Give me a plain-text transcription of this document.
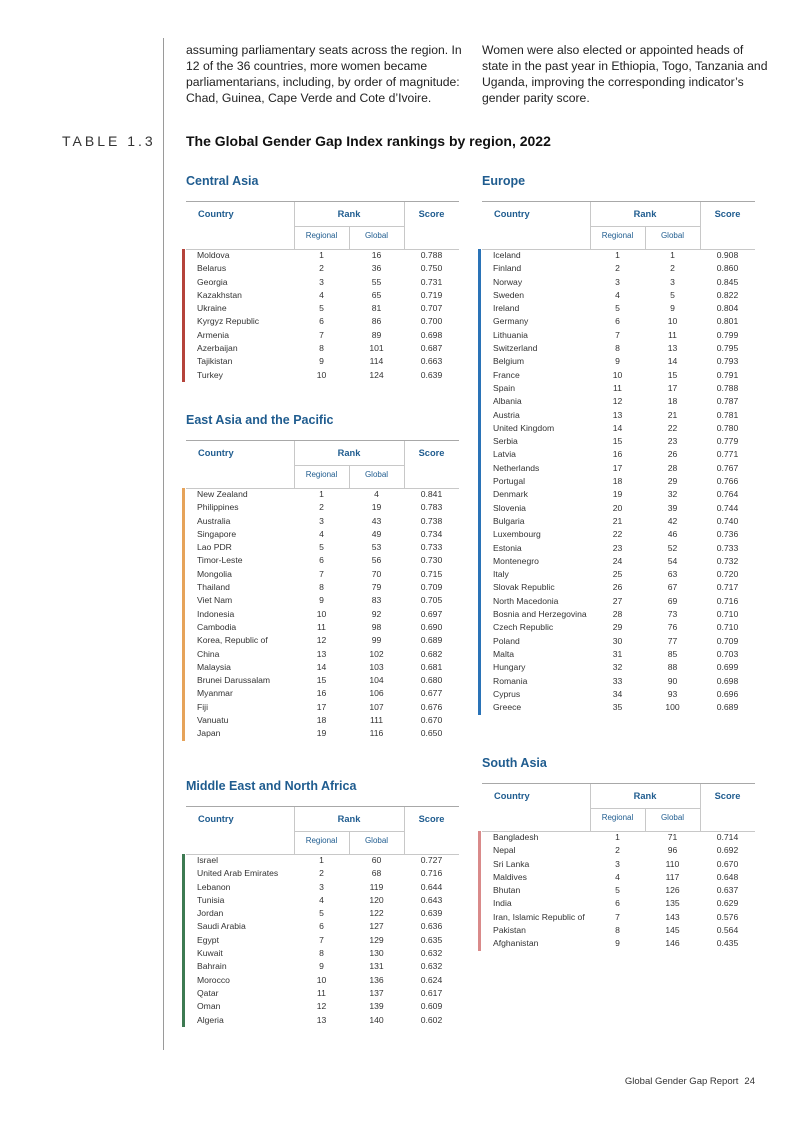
assuming parliamentary seats across the region. In 12 of the 36 countries, more women became parliamentarians, including, by order of magnitude: Chad, Guinea, Cape Verde and Cote d’Ivoire.

Women were also elected or appointed heads of state in the past year in Ethiopia, Togo, Tanzania and Uganda, improving the corresponding indicator’s gender parity score.

TABLE 1.3 The Global Gender Gap Index rankings by region, 2022
Central Asia
Country	Rank	Score
Regional	Global
Moldova	1	16	0.788
Belarus	2	36	0.750
Georgia	3	55	0.731
Kazakhstan	4	65	0.719
Ukraine	5	81	0.707
Kyrgyz Republic	6	86	0.700
Armenia	7	89	0.698
Azerbaijan	8	101	0.687
Tajikistan	9	114	0.663
Turkey	10	124	0.639
Europe
Country	Rank	Score
Regional	Global
Iceland	1	1	0.908
Finland	2	2	0.860
Norway	3	3	0.845
Sweden	4	5	0.822
Ireland	5	9	0.804
Germany	6	10	0.801
Lithuania	7	11	0.799
Switzerland	8	13	0.795
Belgium	9	14	0.793
France	10	15	0.791
Spain	11	17	0.788
Albania	12	18	0.787
Austria	13	21	0.781
United Kingdom	14	22	0.780
Serbia	15	23	0.779
Latvia	16	26	0.771
Netherlands	17	28	0.767
Portugal	18	29	0.766
Denmark	19	32	0.764
Slovenia	20	39	0.744
Bulgaria	21	42	0.740
Luxembourg	22	46	0.736
Estonia	23	52	0.733
Montenegro	24	54	0.732
Italy	25	63	0.720
Slovak Republic	26	67	0.717
North Macedonia	27	69	0.716
Bosnia and Herzegovina	28	73	0.710
Czech Republic	29	76	0.710
Poland	30	77	0.709
Malta	31	85	0.703
Hungary	32	88	0.699
Romania	33	90	0.698
Cyprus	34	93	0.696
Greece	35	100	0.689
East Asia and the Pacific
Country	Rank	Score
Regional	Global
New Zealand	1	4	0.841
Philippines	2	19	0.783
Australia	3	43	0.738
Singapore	4	49	0.734
Lao PDR	5	53	0.733
Timor-Leste	6	56	0.730
Mongolia	7	70	0.715
Thailand	8	79	0.709
Viet Nam	9	83	0.705
Indonesia	10	92	0.697
Cambodia	11	98	0.690
Korea, Republic of	12	99	0.689
China	13	102	0.682
Malaysia	14	103	0.681
Brunei Darussalam	15	104	0.680
Myanmar	16	106	0.677
Fiji	17	107	0.676
Vanuatu	18	111	0.670
Japan	19	116	0.650
South Asia
Country	Rank	Score
Regional	Global
Bangladesh	1	71	0.714
Nepal	2	96	0.692
Sri Lanka	3	110	0.670
Maldives	4	117	0.648
Bhutan	5	126	0.637
India	6	135	0.629
Iran, Islamic Republic of	7	143	0.576
Pakistan	8	145	0.564
Afghanistan	9	146	0.435
Middle East and North Africa
Country	Rank	Score
Regional	Global
Israel	1	60	0.727
United Arab Emirates	2	68	0.716
Lebanon	3	119	0.644
Tunisia	4	120	0.643
Jordan	5	122	0.639
Saudi Arabia	6	127	0.636
Egypt	7	129	0.635
Kuwait	8	130	0.632
Bahrain	9	131	0.632
Morocco	10	136	0.624
Qatar	11	137	0.617
Oman	12	139	0.609
Algeria	13	140	0.602
Global Gender Gap Report 24
